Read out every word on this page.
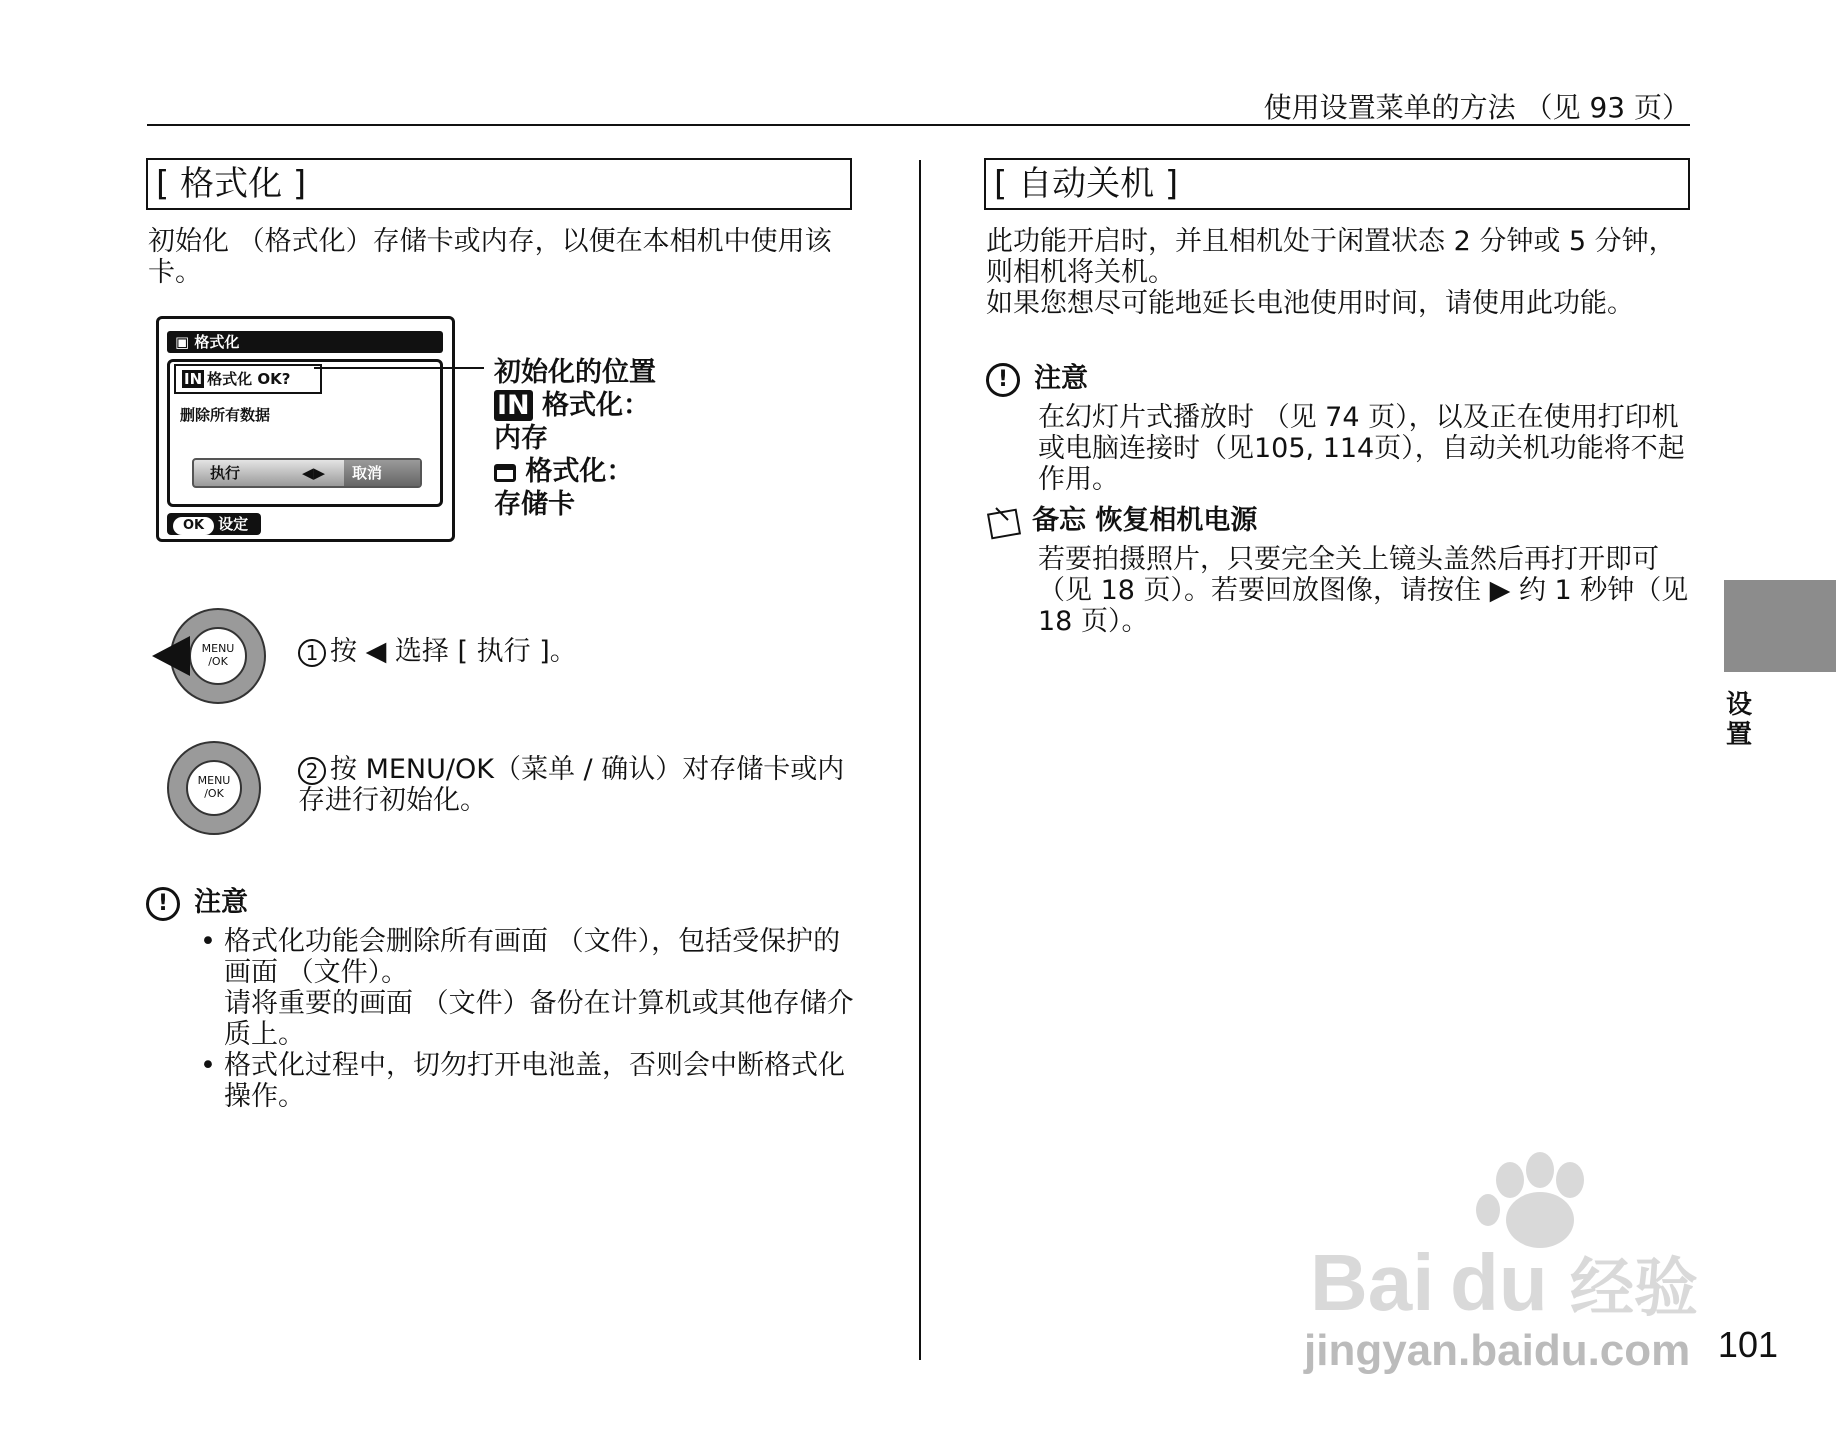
使用设置菜单的方法 （见 93 页）
[ 格式化 ]
初始化 （格式化）存储卡或内存，以便在本相机中使用该卡。
▣ 格式化
IN 格式化 OK?
删除所有数据
执行	◀▶	取消
OK 设定
初始化的位置
IN 格式化：
内存
格式化：
存储卡
MENU
/OK	1 按 ◀ 选择 [ 执行 ]。
MENU
/OK
2 按 MENU/OK（菜单 / 确认）对存储卡或内存进行初始化。
! 注意
• 格式化功能会删除所有画面 （文件），包括受保护的画面 （文件）。
请将重要的画面 （文件）备份在计算机或其他存储介质上。
• 格式化过程中，切勿打开电池盖，否则会中断格式化操作。
[ 自动关机 ]
此功能开启时，并且相机处于闲置状态 2 分钟或 5 分钟，则相机将关机。
如果您想尽可能地延长电池使用时间，请使用此功能。
! 注意
在幻灯片式播放时 （见 74 页），以及正在使用打印机或电脑连接时（见105, 114页），自动关机功能将不起作用。
备忘 恢复相机电源
若要拍摄照片，只要完全关上镜头盖然后再打开即可（见 18 页）。若要回放图像，请按住 ▶ 约 1 秒钟（见 18 页）。
设置
Bai du 经验
jingyan.baidu.com 101
